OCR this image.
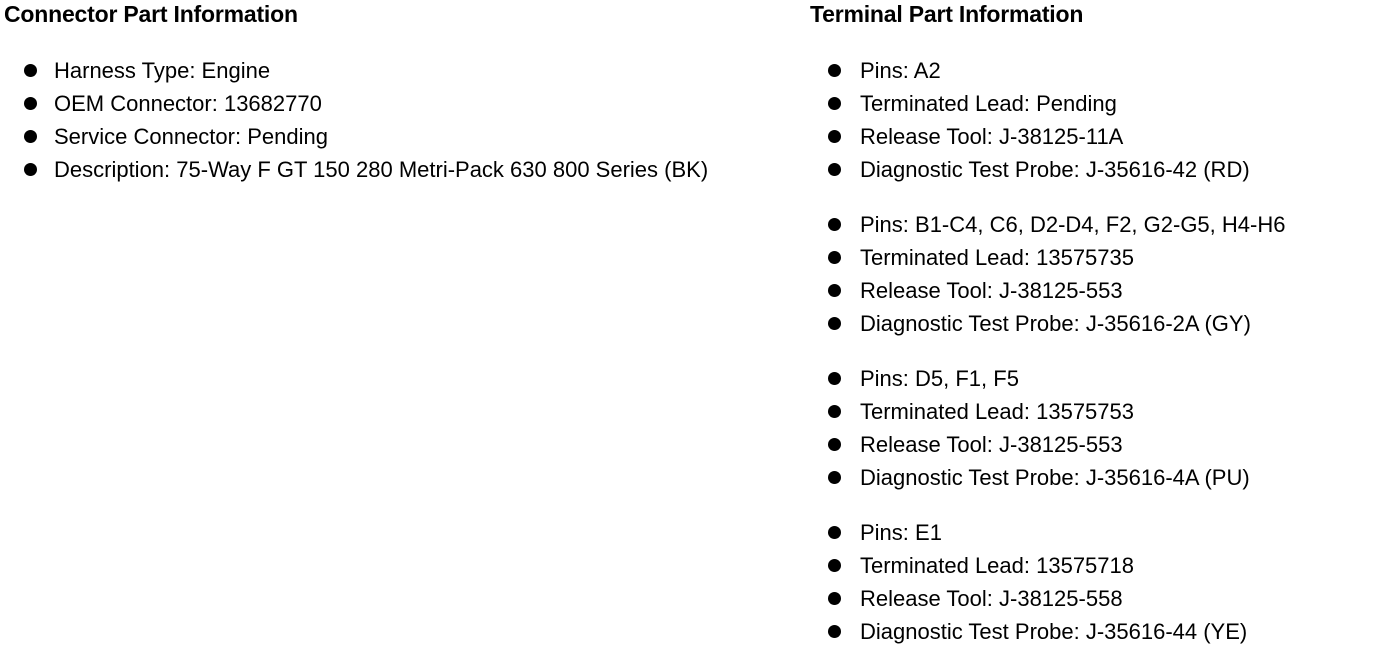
Connector Part Information
Harness Type: Engine
OEM Connector: 13682770
Service Connector: Pending
Description: 75-Way F GT 150 280 Metri-Pack 630 800 Series (BK)
Terminal Part Information
Pins: A2
Terminated Lead: Pending
Release Tool: J-38125-11A
Diagnostic Test Probe: J-35616-42 (RD)
Pins: B1-C4, C6, D2-D4, F2, G2-G5, H4-H6
Terminated Lead: 13575735
Release Tool: J-38125-553
Diagnostic Test Probe: J-35616-2A (GY)
Pins: D5, F1, F5
Terminated Lead: 13575753
Release Tool: J-38125-553
Diagnostic Test Probe: J-35616-4A (PU)
Pins: E1
Terminated Lead: 13575718
Release Tool: J-38125-558
Diagnostic Test Probe: J-35616-44 (YE)
